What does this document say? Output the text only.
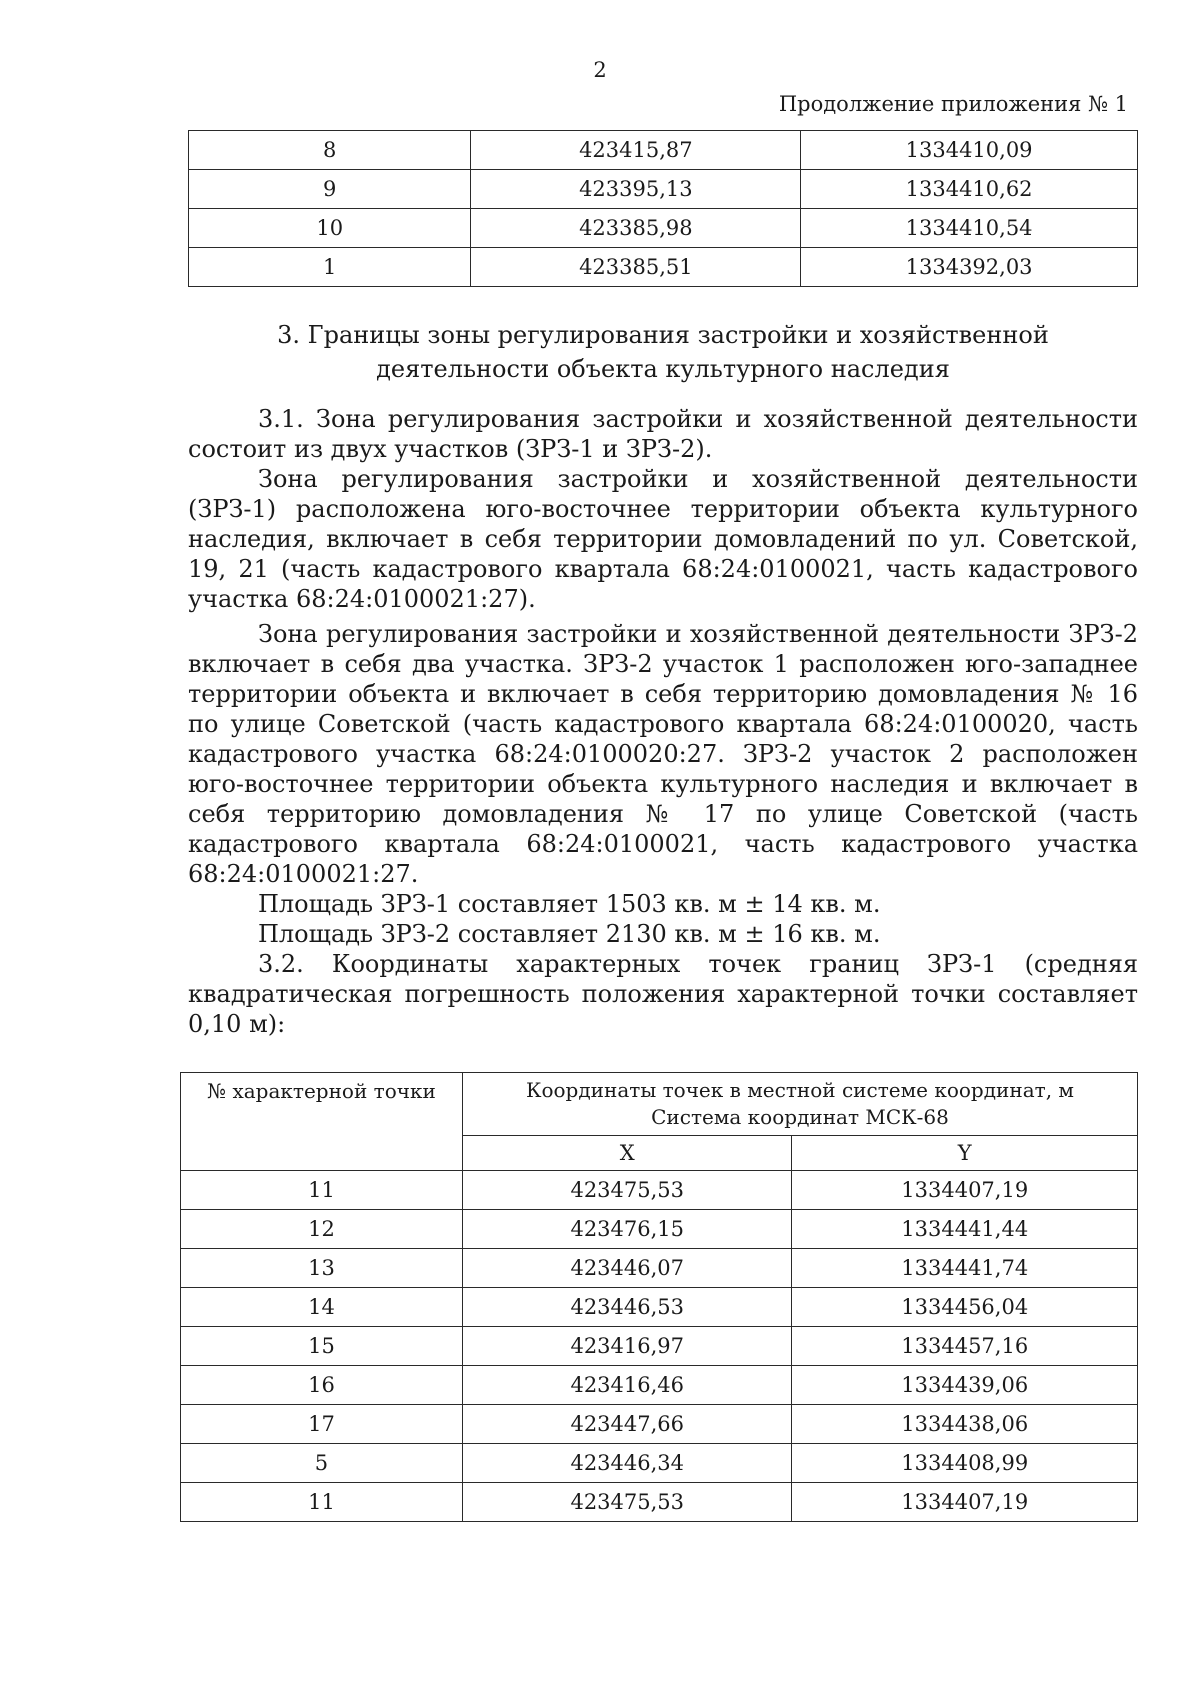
2
Продолжение приложения № 1
8	423415,87	1334410,09
9	423395,13	1334410,62
10	423385,98	1334410,54
1	423385,51	1334392,03
3. Границы зоны регулирования застройки и хозяйственной
деятельности объекта культурного наследия

3.1. Зона регулирования застройки и хозяйственной деятельности состоит из двух участков (ЗРЗ-1 и ЗРЗ-2).

Зона регулирования застройки и хозяйственной деятельности (ЗРЗ-1) расположена юго-восточнее территории объекта культурного наследия, включает в себя территории домовладений по ул. Советской, 19, 21 (часть кадастрового квартала 68:24:0100021, часть кадастрового участка 68:24:0100021:27).

Зона регулирования застройки и хозяйственной деятельности ЗРЗ-2 включает в себя два участка. ЗРЗ-2 участок 1 расположен юго-западнее территории объекта и включает в себя территорию домовладения № 16 по улице Советской (часть кадастрового квартала 68:24:0100020, часть кадастрового участка 68:24:0100020:27. ЗРЗ-2 участок 2 расположен юго-восточнее территории объекта культурного наследия и включает в себя территорию домовладения № 17 по улице Советской (часть кадастрового квартала 68:24:0100021, часть кадастрового участка 68:24:0100021:27.

Площадь ЗРЗ-1 составляет 1503 кв. м ± 14 кв. м.

Площадь ЗРЗ-2 составляет 2130 кв. м ± 16 кв. м.

3.2. Координаты характерных точек границ ЗРЗ-1 (средняя квадратическая погрешность положения характерной точки составляет 0,10 м):

№ характерной точки	Координаты точек в местной системе координат, м
Система координат МСК-68	

	X	Y
11	423475,53	1334407,19
12	423476,15	1334441,44
13	423446,07	1334441,74
14	423446,53	1334456,04
15	423416,97	1334457,16
16	423416,46	1334439,06
17	423447,66	1334438,06
5	423446,34	1334408,99
11	423475,53	1334407,19
